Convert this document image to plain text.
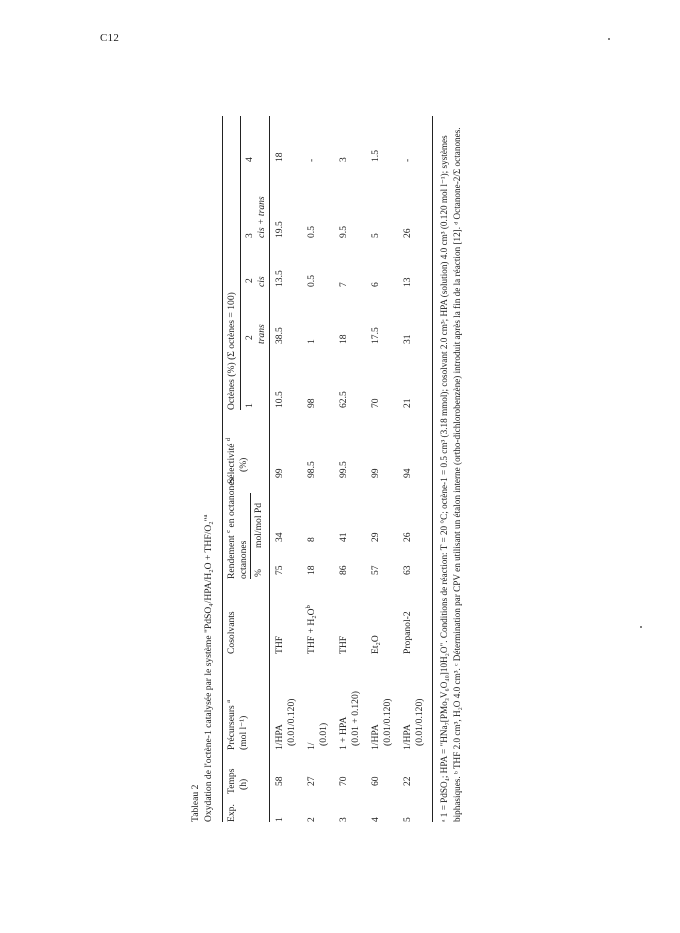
C12
Tableau 2 Oxydation de l'octène-1 catalysée par le système "PdSO₄/HPA/H₂O + THF/O₂"$^a$
Exp.
Temps (h)
Précurseurs $^a$
(mol l⁻¹)
Cosolvants
Rendement $^c$ en octanones
octanones
Sélectivité $^d$
(%)
Octènes (%) (Σ octènes = 100)
%
mol/mol Pd
1
2
2
3
4
trans
cis
cis + trans
1
58
1/HPA
THF
75
34
99
10.5
38.5
13.5
19.5
18
(0.01/0.120)
2
27
1/
THF + $H_2O^b$
18
8
98.5
98
1
0.5
0.5
-
(0.01)
3
70
1 + HPA
THF
86
41
99.5
62.5
18
7
9.5
3
(0.01 + 0.120)
4
60
1/HPA
Et₂O
57
29
99
70
17.5
6
5
1.5
(0.01/0.120)
5
22
1/HPA
Propanol-2
63
26
94
21
31
13
26
-
(0.01/0.120) ᵃ 1 = PdSO₄; HPA = "HNa₇[PMo₃V₆O₄₀]10H₂O". Conditions de réaction: T = 20 °C; octène-1 = 0.5 cm³ (3.18 mmol); cosolvant 2.0 cm³; HPA (solution) 4.0 cm³ (0.120 mol l⁻¹); systèmes biphasiques. ᵇ THF 2.0 cm³, H₂O 4.0 cm³. ᶜ Détermination par CPV en utilisant un étalon interne (ortho-dichlorobenzène) introduit après la fin de la réaction [12]. ᵈ Octanone-2/Σ octanones.
